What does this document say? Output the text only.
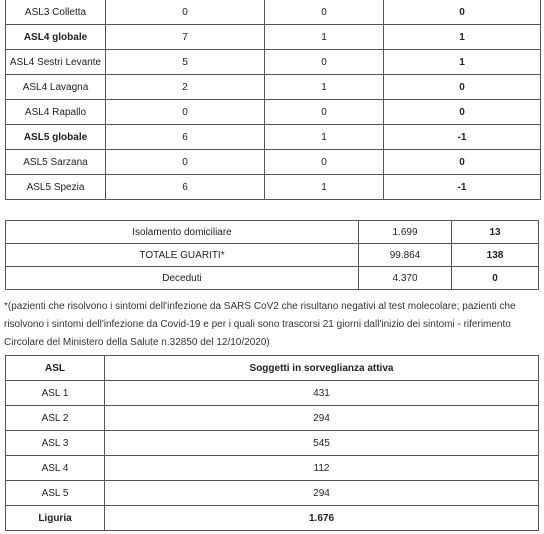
ASL3 Colletta	0	0	0
ASL4 globale	7	1	1
ASL4 Sestri Levante	5	0	1
ASL4 Lavagna	2	1	0
ASL4 Rapallo	0	0	0
ASL5 globale	6	1	-1
ASL5 Sarzana	0	0	0
ASL5 Spezia	6	1	-1
Isolamento domiciliare	1.699	13
TOTALE GUARITI*	99.864	138
Deceduti	4.370	0
*(pazienti che risolvono i sintomi dell'infezione da SARS CoV2 che risultano negativi al test molecolare; pazienti che risolvono i sintomi dell'infezione da Covid-19 e per i quali sono trascorsi 21 giorni dall'inizio dei sintomi - riferimento Circolare del Ministero della Salute n.32850 del 12/10/2020)
ASL	Soggetti in sorveglianza attiva
ASL 1	431
ASL 2	294
ASL 3	545
ASL 4	112
ASL 5	294
Liguria	1.676
